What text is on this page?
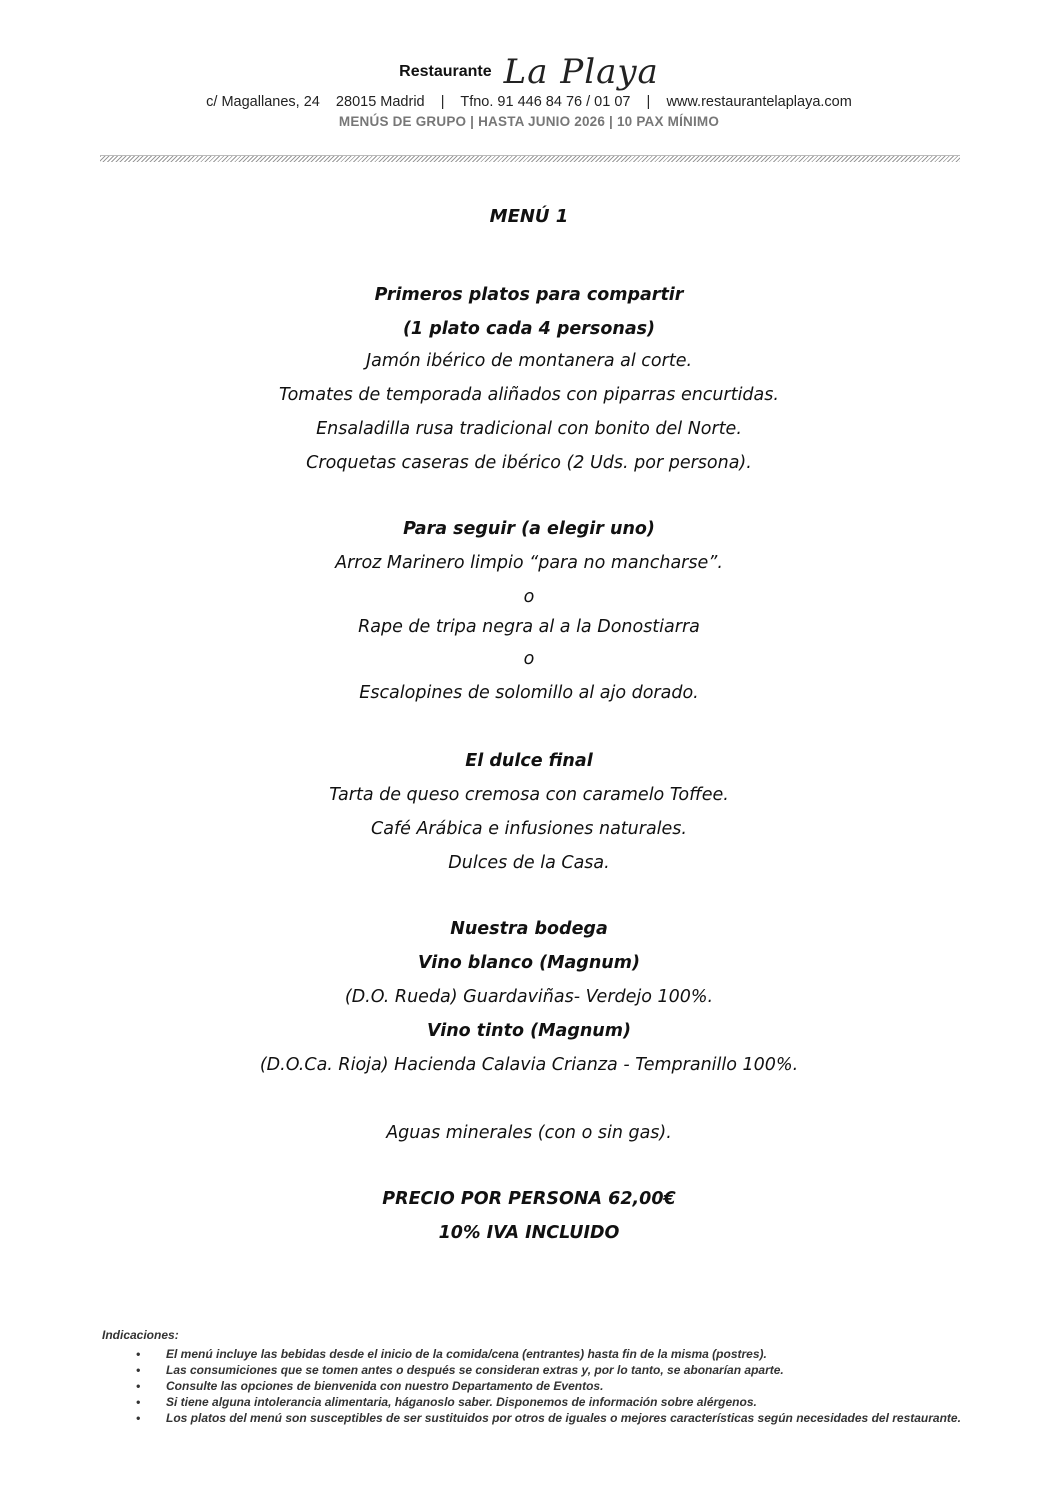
Restaurante La Playa
c/ Magallanes, 24    28015 Madrid    |    Tfno. 91 446 84 76 / 01 07    |    www.restaurantelaplaya.com
MENÚS DE GRUPO | HASTA JUNIO 2026 | 10 PAX MÍNIMO
MENÚ 1
Primeros platos para compartir
(1 plato cada 4 personas)
Jamón ibérico de montanera al corte.
Tomates de temporada aliñados con piparras encurtidas.
Ensaladilla rusa tradicional con bonito del Norte.
Croquetas caseras de ibérico (2 Uds. por persona).
Para seguir (a elegir uno)
Arroz Marinero limpio “para no mancharse”.
o
Rape de tripa negra al a la Donostiarra
o
Escalopines de solomillo al ajo dorado.
El dulce final
Tarta de queso cremosa con caramelo Toffee.
Café Arábica e infusiones naturales.
Dulces de la Casa.
Nuestra bodega
Vino blanco (Magnum)
(D.O. Rueda) Guardaviñas- Verdejo 100%.
Vino tinto (Magnum)
(D.O.Ca. Rioja) Hacienda Calavia Crianza - Tempranillo 100%.
Aguas minerales (con o sin gas).
PRECIO POR PERSONA 62,00€
10% IVA INCLUIDO
Indicaciones:
• El menú incluye las bebidas desde el inicio de la comida/cena (entrantes) hasta fin de la misma (postres).
• Las consumiciones que se tomen antes o después se consideran extras y, por lo tanto, se abonarían aparte.
• Consulte las opciones de bienvenida con nuestro Departamento de Eventos.
• Si tiene alguna intolerancia alimentaria, háganoslo saber. Disponemos de información sobre alérgenos.
• Los platos del menú son susceptibles de ser sustituidos por otros de iguales o mejores características según necesidades del restaurante.
